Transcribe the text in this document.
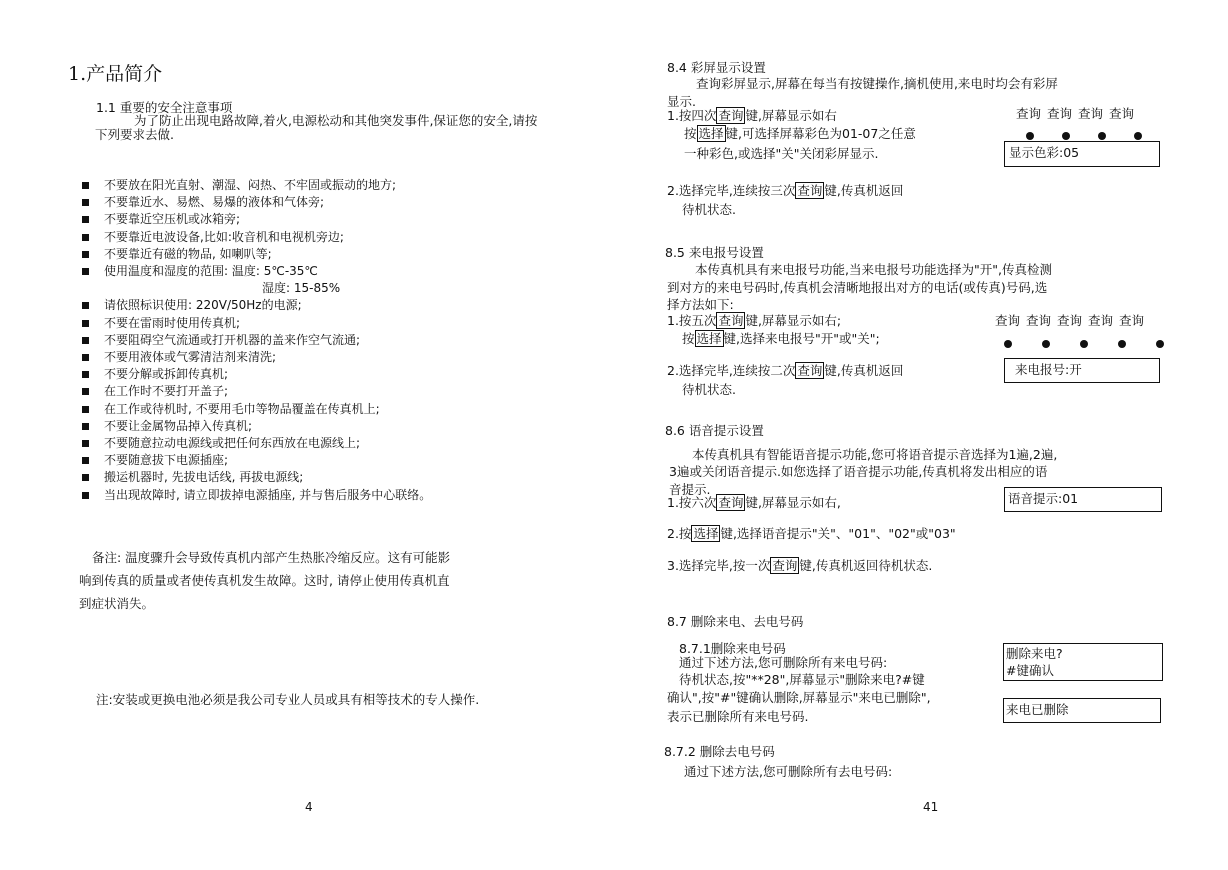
1.产品简介
1.1 重要的安全注意事项
为了防止出现电路故障,着火,电源松动和其他突发事件,保证您的安全,请按
下列要求去做.
不要放在阳光直射、潮湿、闷热、不牢固或振动的地方;
不要靠近水、易燃、易爆的液体和气体旁;
不要靠近空压机或冰箱旁;
不要靠近电波设备,比如:收音机和电视机旁边;
不要靠近有磁的物品, 如喇叭等;
使用温度和湿度的范围: 温度: 5℃-35℃
湿度: 15-85%
请依照标识使用: 220V/50Hz的电源;
不要在雷雨时使用传真机;
不要阻碍空气流通或打开机器的盖来作空气流通;
不要用液体或气雾清洁剂来清洗;
不要分解或拆卸传真机;
在工作时不要打开盖子;
在工作或待机时, 不要用毛巾等物品覆盖在传真机上;
不要让金属物品掉入传真机;
不要随意拉动电源线或把任何东西放在电源线上;
不要随意拔下电源插座;
搬运机器时, 先拔电话线, 再拔电源线;
当出现故障时, 请立即拔掉电源插座, 并与售后服务中心联络。
备注: 温度骤升会导致传真机内部产生热胀冷缩反应。这有可能影
响到传真的质量或者使传真机发生故障。这时, 请停止使用传真机直
到症状消失。
注:安装或更换电池必须是我公司专业人员或具有相等技术的专人操作.
4
8.4 彩屏显示设置
查询彩屏显示,屏幕在每当有按键操作,摘机使用,来电时均会有彩屏
显示.
1.按四次 查询 键,屏幕显示如右
按 选择 键,可选择屏幕彩色为01-07之任意
一种彩色,或选择"关"关闭彩屏显示.
2.选择完毕,连续按三次 查询 键,传真机返回
待机状态.
查询 查询 查询 查询

显示色彩:05
8.5 来电报号设置
本传真机具有来电报号功能,当来电报号功能选择为"开",传真检测
到对方的来电号码时,传真机会清晰地报出对方的电话(或传真)号码,选
择方法如下:
1.按五次 查询 键,屏幕显示如右;
按 选择 键,选择来电报号"开"或"关";
2.选择完毕,连续按二次 查询 键,传真机返回
待机状态.
查询 查询 查询 查询 查询

来电报号:开
8.6 语音提示设置
本传真机具有智能语音提示功能,您可将语音提示音选择为1遍,2遍,
3遍或关闭语音提示.如您选择了语音提示功能,传真机将发出相应的语
音提示.
1.按六次 查询 键,屏幕显示如右,	语音提示:01
2.按 选择 键,选择语音提示"关"、"01"、"02"或"03"
3.选择完毕,按一次 查询 键,传真机返回待机状态.
8.7 删除来电、去电号码
8.7.1删除来电号码
通过下述方法,您可删除所有来电号码:
待机状态,按"**28",屏幕显示"删除来电?#键
确认",按"#"键确认删除,屏幕显示"来电已删除",
表示已删除所有来电号码.
删除来电?
#键确认
来电已删除
8.7.2 删除去电号码
通过下述方法,您可删除所有去电号码:
41
